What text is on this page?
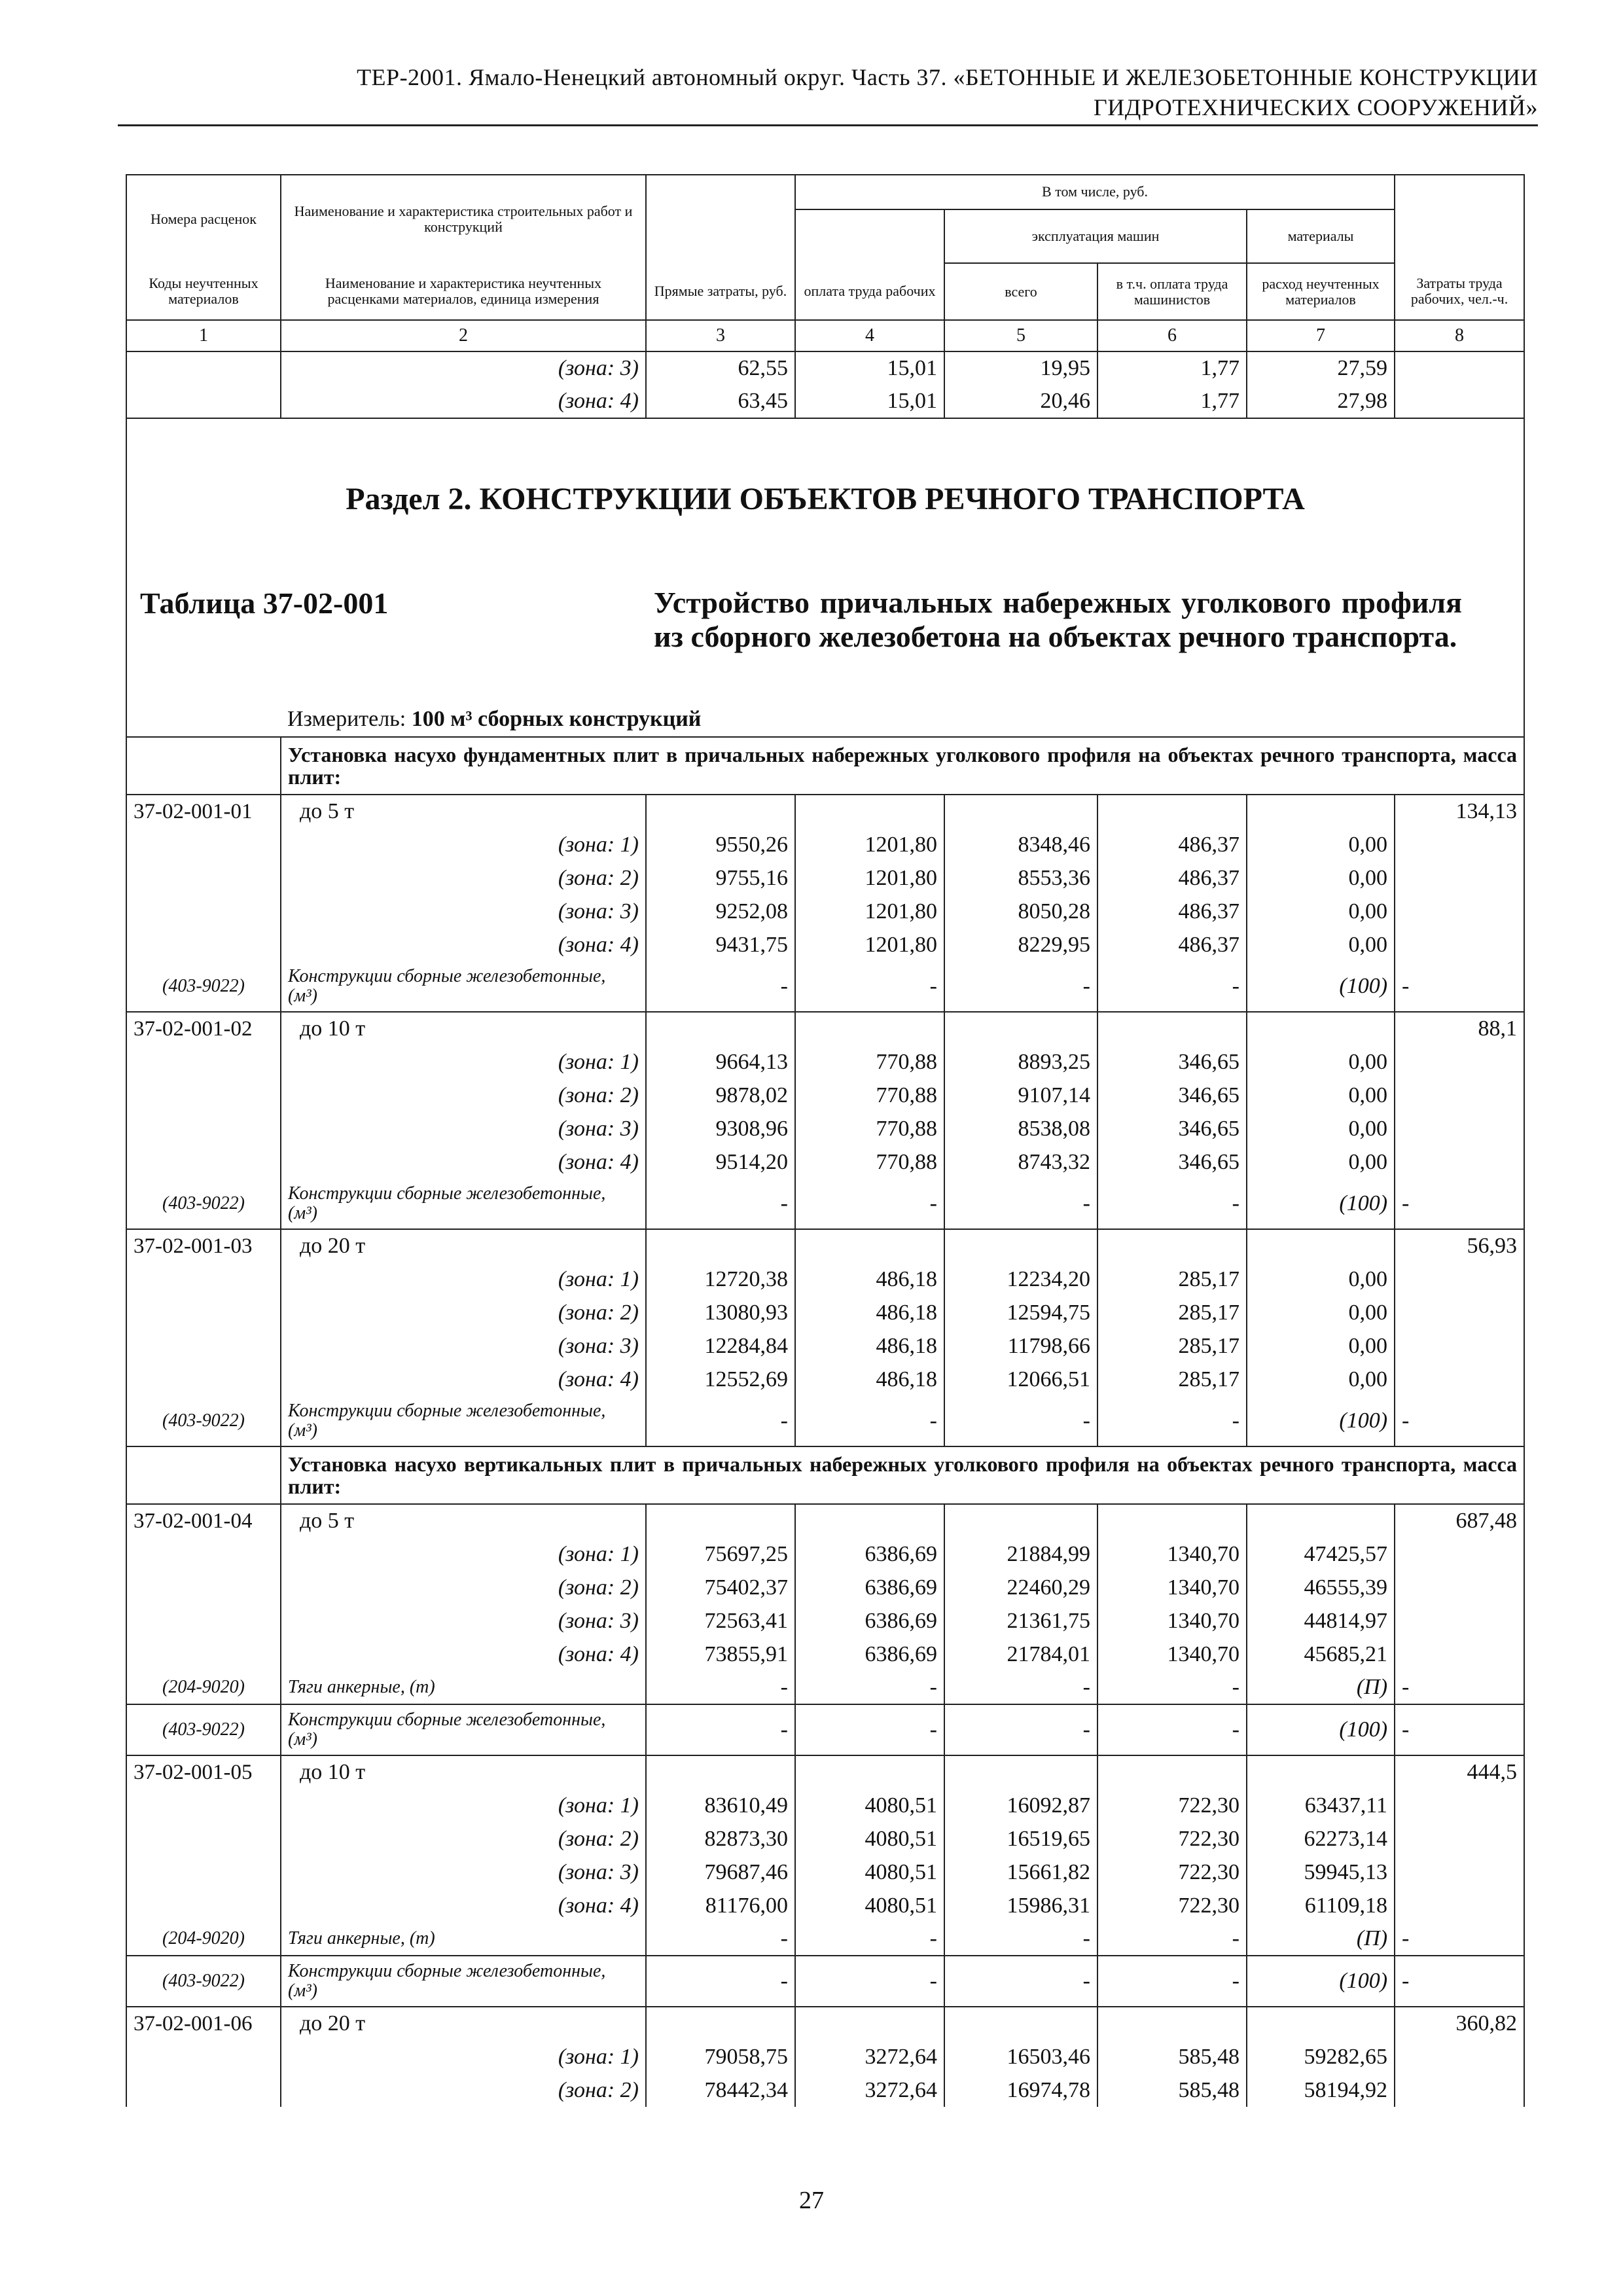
ТЕР-2001. Ямало-Ненецкий автономный округ. Часть 37. «БЕТОННЫЕ И ЖЕЛЕЗОБЕТОННЫЕ КОНСТРУКЦИИ
ГИДРОТЕХНИЧЕСКИХ СООРУЖЕНИЙ»
Номера расценок	Наименование и характеристика строительных работ и конструкций		В том числе, руб.				
				эксплуатация машин		материалы	
Коды неучтенных материалов	Наименование и характеристика неучтенных расценками материалов, единица измерения	Прямые затраты, руб.	оплата труда рабочих	всего	в т.ч. оплата труда машинистов	расход неучтенных материалов	Затраты труда рабочих, чел.-ч.
1	2	3	4	5	6	7	8
	(зона: 3)	62,55	15,01	19,95	1,77	27,59	
	(зона: 4)	63,45	15,01	20,46	1,77	27,98	

Раздел 2. КОНСТРУКЦИИ ОБЪЕКТОВ РЕЧНОГО ТРАНСПОРТА
Таблица 37-02-001 Устройство причальных набережных уголкового профиля из сборного железобетона на объектах речного транспорта.
Измеритель: 100 м³ сборных конструкций							

	Установка насухо фундаментных плит в причальных набережных уголкового профиля на объектах речного транспорта, масса плит:						
37-02-001-01	до 5 т						134,13
	(зона: 1)	9550,26	1201,80	8348,46	486,37	0,00	
	(зона: 2)	9755,16	1201,80	8553,36	486,37	0,00	
	(зона: 3)	9252,08	1201,80	8050,28	486,37	0,00	
	(зона: 4)	9431,75	1201,80	8229,95	486,37	0,00	
(403-9022)	Конструкции сборные железобетонные, (м³)	-	-	-	-	(100)	-
37-02-001-02	до 10 т						88,1
	(зона: 1)	9664,13	770,88	8893,25	346,65	0,00	
	(зона: 2)	9878,02	770,88	9107,14	346,65	0,00	
	(зона: 3)	9308,96	770,88	8538,08	346,65	0,00	
	(зона: 4)	9514,20	770,88	8743,32	346,65	0,00	
(403-9022)	Конструкции сборные железобетонные, (м³)	-	-	-	-	(100)	-
37-02-001-03	до 20 т						56,93
	(зона: 1)	12720,38	486,18	12234,20	285,17	0,00	
	(зона: 2)	13080,93	486,18	12594,75	285,17	0,00	
	(зона: 3)	12284,84	486,18	11798,66	285,17	0,00	
	(зона: 4)	12552,69	486,18	12066,51	285,17	0,00	
(403-9022)	Конструкции сборные железобетонные, (м³)	-	-	-	-	(100)	-
	Установка насухо вертикальных плит в причальных набережных уголкового профиля на объектах речного транспорта, масса плит:						
37-02-001-04	до 5 т						687,48
	(зона: 1)	75697,25	6386,69	21884,99	1340,70	47425,57	
	(зона: 2)	75402,37	6386,69	22460,29	1340,70	46555,39	
	(зона: 3)	72563,41	6386,69	21361,75	1340,70	44814,97	
	(зона: 4)	73855,91	6386,69	21784,01	1340,70	45685,21	
(204-9020)	Тяги анкерные, (т)	-	-	-	-	(П)	-
(403-9022)	Конструкции сборные железобетонные, (м³)	-	-	-	-	(100)	-
37-02-001-05	до 10 т						444,5
	(зона: 1)	83610,49	4080,51	16092,87	722,30	63437,11	
	(зона: 2)	82873,30	4080,51	16519,65	722,30	62273,14	
	(зона: 3)	79687,46	4080,51	15661,82	722,30	59945,13	
	(зона: 4)	81176,00	4080,51	15986,31	722,30	61109,18	
(204-9020)	Тяги анкерные, (т)	-	-	-	-	(П)	-
(403-9022)	Конструкции сборные железобетонные, (м³)	-	-	-	-	(100)	-
37-02-001-06	до 20 т						360,82
	(зона: 1)	79058,75	3272,64	16503,46	585,48	59282,65	
	(зона: 2)	78442,34	3272,64	16974,78	585,48	58194,92	
27
